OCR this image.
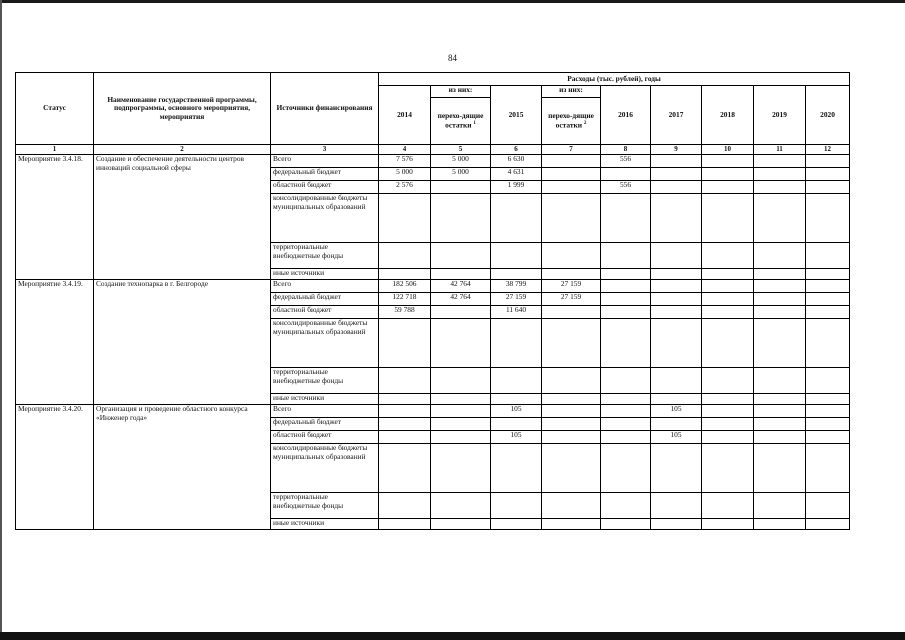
84
Статус	Наименование государственной программы, подпрограммы, основного мероприятия, мероприятия	Источники финансирования	Расходы (тыс. рублей), годы								
			2014	из них:	2015	из них:	2016	2017	2018	2019	2020
				перехо-дящие остатки $^1$		перехо-дящие остатки $^2$
1	2	3	4	5	6	7	8	9	10	11	12
Мероприятие 3.4.18.	Создание и обеспечение деятельности центров инноваций социальной сферы	Всего	7 576	5 000	6 630		556				
		федеральный бюджет	5 000	5 000	4 631						
		областной бюджет	2 576		1 999		556				
		консолидированные бюджеты муниципальных образований									
		территориальные внебюджетные фонды									
		иные источники									
Мероприятие 3.4.19.	Создание технопарка в г. Белгороде	Всего	182 506	42 764	38 799	27 159					
		федеральный бюджет	122 718	42 764	27 159	27 159					
		областной бюджет	59 788		11 640						
		консолидированные бюджеты муниципальных образований									
		территориальные внебюджетные фонды									
		иные источники									
Мероприятие 3.4.20.	Организация и проведение областного конкурса «Инженер года»	Всего			105			105			
		федеральный бюджет									
		областной бюджет			105			105			
		консолидированные бюджеты муниципальных образований									
		территориальные внебюджетные фонды									
		иные источники									
